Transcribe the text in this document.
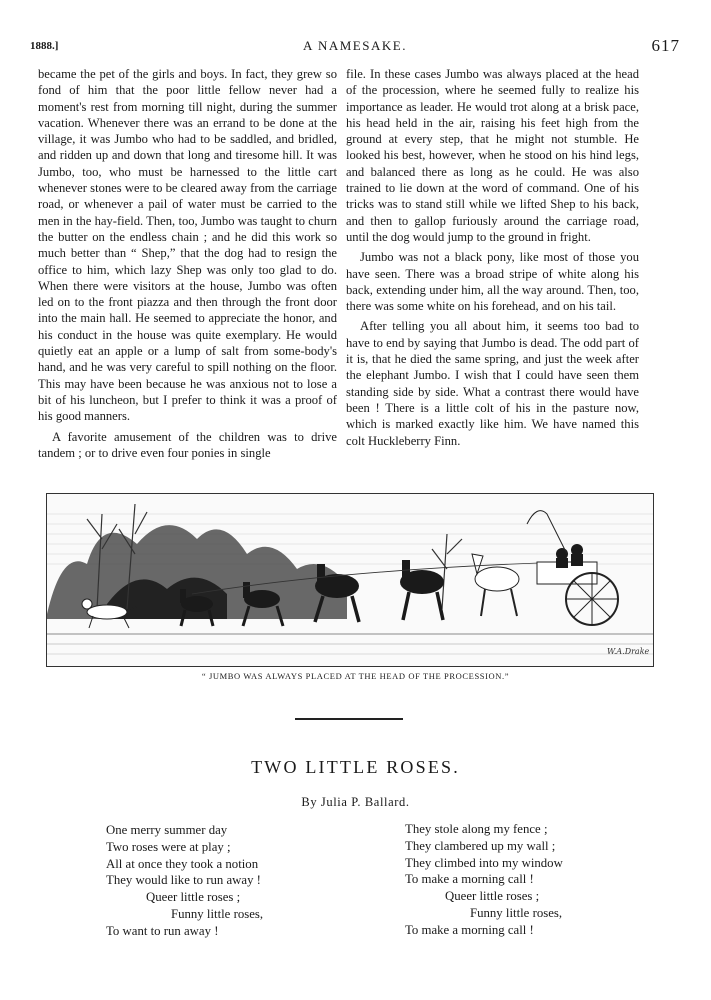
1888.]	A NAMESAKE.	617

became the pet of the girls and boys. In fact, they grew so fond of him that the poor little fellow never had a moment's rest from morning till night, during the summer vacation. Whenever there was an errand to be done at the village, it was Jumbo who had to be saddled, and bridled, and ridden up and down that long and tiresome hill. It was Jumbo, too, who must be harnessed to the little cart whenever stones were to be cleared away from the carriage road, or whenever a pail of water must be carried to the men in the hay-field. Then, too, Jumbo was taught to churn the butter on the endless chain ; and he did this work so much better than “ Shep,” that the dog had to resign the office to him, which lazy Shep was only too glad to do. When there were visitors at the house, Jumbo was often led on to the front piazza and then through the front door into the main hall. He seemed to appreciate the honor, and his conduct in the house was quite exemplary. He would quietly eat an apple or a lump of salt from some-body's hand, and he was very careful to spill nothing on the floor. This may have been because he was anxious not to lose a bit of his luncheon, but I prefer to think it was a proof of his good manners.

A favorite amusement of the children was to drive tandem ; or to drive even four ponies in single

file. In these cases Jumbo was always placed at the head of the procession, where he seemed fully to realize his importance as leader. He would trot along at a brisk pace, his head held in the air, raising his feet high from the ground at every step, that he might not stumble. He looked his best, however, when he stood on his hind legs, and balanced there as long as he could. He was also trained to lie down at the word of command. One of his tricks was to stand still while we lifted Shep to his back, and then to gallop furiously around the carriage road, until the dog would jump to the ground in fright.

Jumbo was not a black pony, like most of those you have seen. There was a broad stripe of white along his back, extending under him, all the way around. Then, too, there was some white on his forehead, and on his tail.

After telling you all about him, it seems too bad to have to end by saying that Jumbo is dead. The odd part of it is, that he died the same spring, and just the week after the elephant Jumbo. I wish that I could have seen them standing side by side. What a contrast there would have been ! There is a little colt of his in the pasture now, which is marked exactly like him. We have named this colt Huckleberry Finn.

W.A.Drake
“ JUMBO WAS ALWAYS PLACED AT THE HEAD OF THE PROCESSION.”
TWO LITTLE ROSES.
By Julia P. Ballard.
One merry summer day
Two roses were at play ;
All at once they took a notion
They would like to run away !
Queer little roses ;
Funny little roses,
To want to run away !
They stole along my fence ;
They clambered up my wall ;
They climbed into my window
To make a morning call !
Queer little roses ;
Funny little roses,
To make a morning call !
